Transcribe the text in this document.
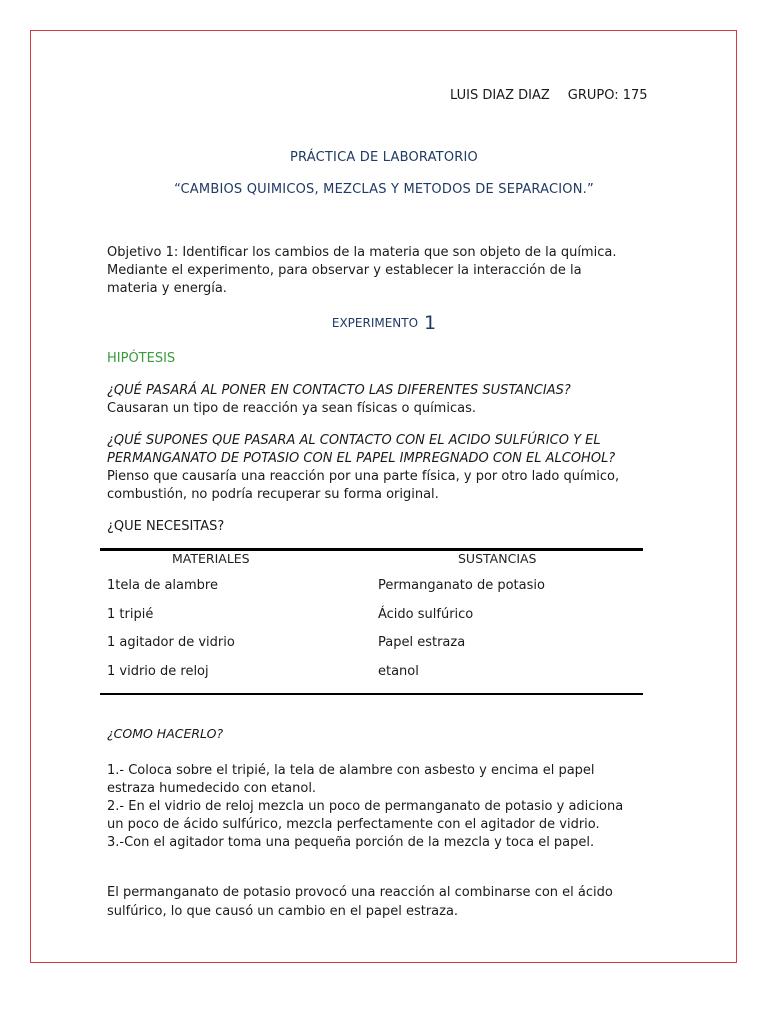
LUIS DIAZ DIAZ GRUPO: 175
PRÁCTICA DE LABORATORIO
“CAMBIOS QUIMICOS, MEZCLAS Y METODOS DE SEPARACION.”
Objetivo 1: Identificar los cambios de la materia que son objeto de la química.
Mediante el experimento, para observar y establecer la interacción de la
materia y energía.
EXPERIMENTO 1
HIPÓTESIS
¿QUÉ PASARÁ AL PONER EN CONTACTO LAS DIFERENTES SUSTANCIAS?
Causaran un tipo de reacción ya sean físicas o químicas.
¿QUÉ SUPONES QUE PASARA AL CONTACTO CON EL ACIDO SULFÚRICO Y EL
PERMANGANATO DE POTASIO CON EL PAPEL IMPREGNADO CON EL ALCOHOL?
Pienso que causaría una reacción por una parte física, y por otro lado químico,
combustión, no podría recuperar su forma original.
¿QUE NECESITAS?
MATERIALES	SUSTANCIAS
1tela de alambre	Permanganato de potasio
1 tripié	Ácido sulfúrico
1 agitador de vidrio	Papel estraza
1 vidrio de reloj	etanol
¿COMO HACERLO?
1.- Coloca sobre el tripié, la tela de alambre con asbesto y encima el papel
estraza humedecido con etanol.
2.- En el vidrio de reloj mezcla un poco de permanganato de potasio y adiciona
un poco de ácido sulfúrico, mezcla perfectamente con el agitador de vidrio.
3.-Con el agitador toma una pequeña porción de la mezcla y toca el papel.
El permanganato de potasio provocó una reacción al combinarse con el ácido
sulfúrico, lo que causó un cambio en el papel estraza.
